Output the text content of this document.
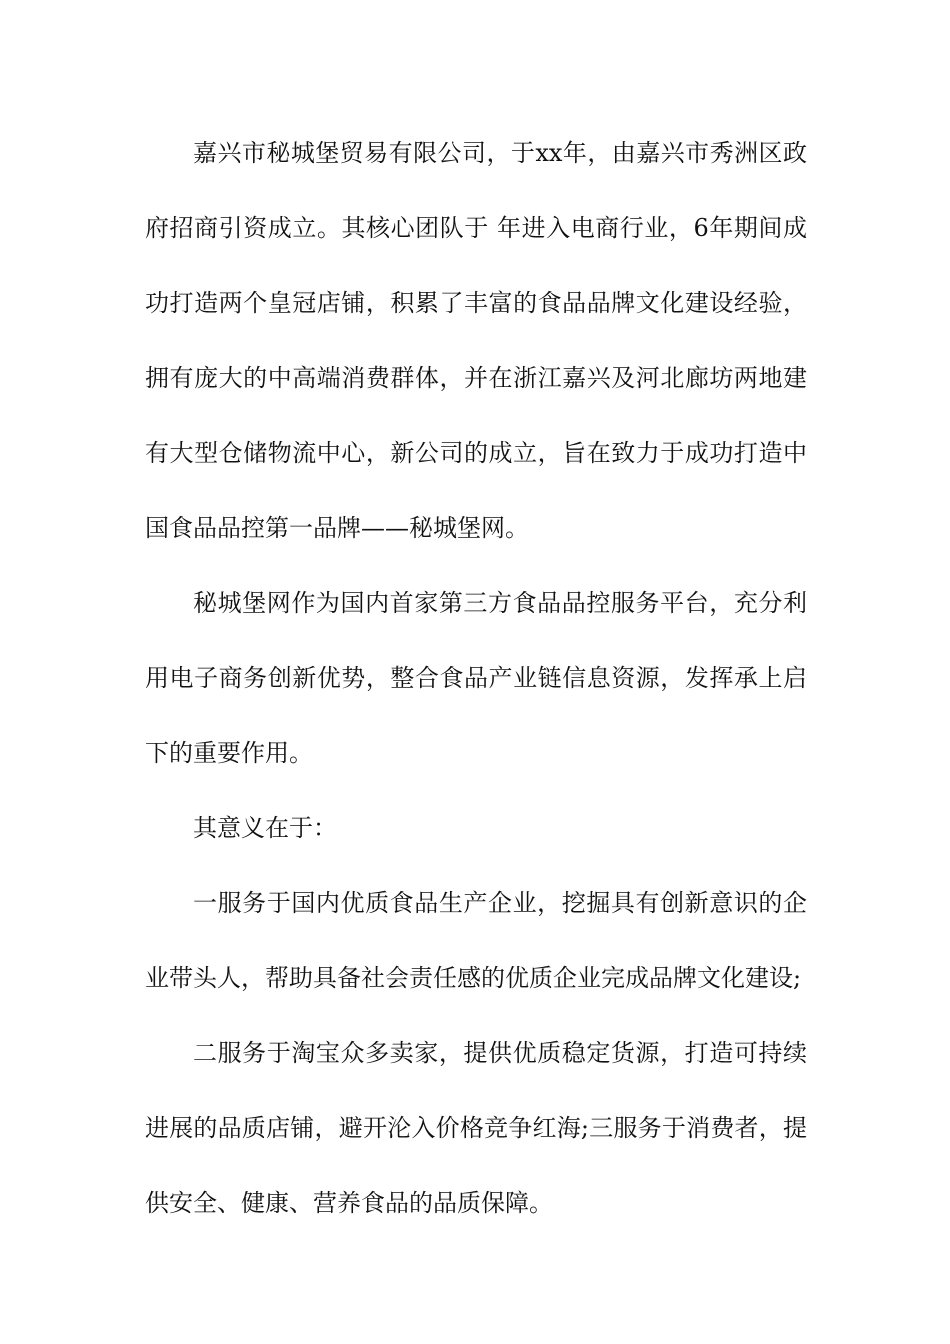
嘉兴市秘城堡贸易有限公司，于xx年，由嘉兴市秀洲区政府招商引资成立。其核心团队于 年进入电商行业，6年期间成功打造两个皇冠店铺，积累了丰富的食品品牌文化建设经验，拥有庞大的中高端消费群体，并在浙江嘉兴及河北廊坊两地建有大型仓储物流中心，新公司的成立，旨在致力于成功打造中国食品品控第一品牌——秘城堡网。

秘城堡网作为国内首家第三方食品品控服务平台，充分利用电子商务创新优势，整合食品产业链信息资源，发挥承上启下的重要作用。

其意义在于：

一服务于国内优质食品生产企业，挖掘具有创新意识的企业带头人，帮助具备社会责任感的优质企业完成品牌文化建设;

二服务于淘宝众多卖家，提供优质稳定货源，打造可持续进展的品质店铺，避开沦入价格竞争红海;三服务于消费者，提供安全、健康、营养食品的品质保障。
